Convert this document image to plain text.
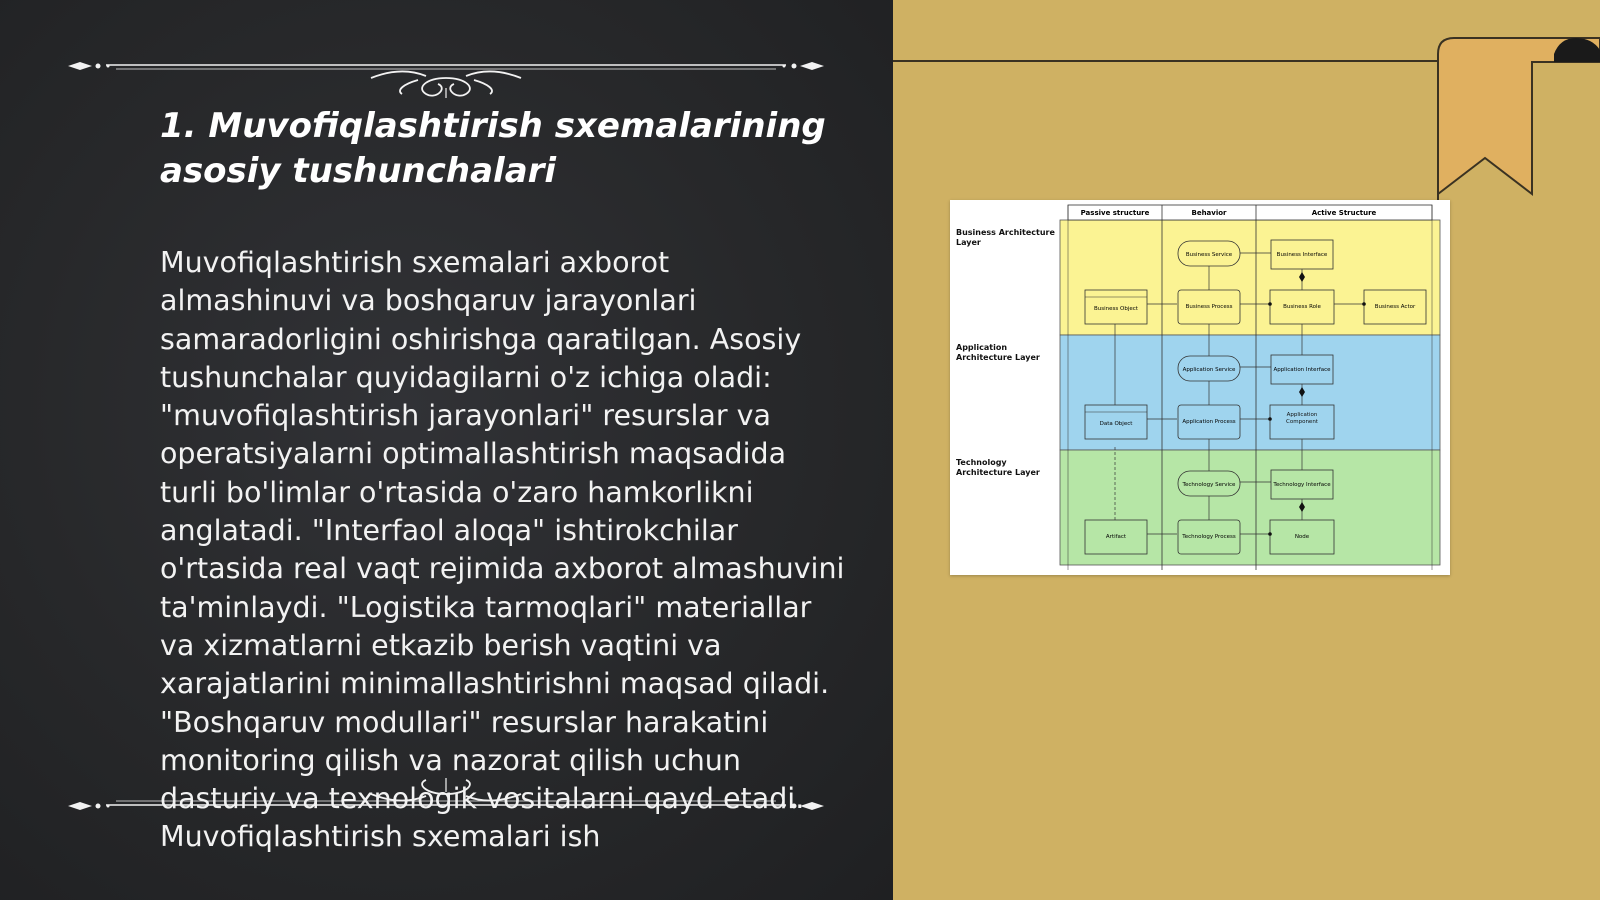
1. Muvofiqlashtirish sxemalarining asosiy tushunchalari

Muvofiqlashtirish sxemalari axborot almashinuvi va boshqaruv jarayonlari samaradorligini oshirishga qaratilgan. Asosiy tushunchalar quyidagilarni o'z ichiga oladi: "muvofiqlashtirish jarayonlari" resurslar va operatsiyalarni optimallashtirish maqsadida turli bo'limlar o'rtasida o'zaro hamkorlikni anglatadi. "Interfaol aloqa" ishtirokchilar o'rtasida real vaqt rejimida axborot almashuvini ta'minlaydi. "Logistika tarmoqlari" materiallar va xizmatlarni etkazib berish vaqtini va xarajatlarini minimallashtirishni maqsad qiladi. "Boshqaruv modullari" resurslar harakatini monitoring qilish va nazorat qilish uchun dasturiy va texnologik vositalarni qayd etadi. Muvofiqlashtirish sxemalari ish

Passive structure	Behavior	Active Structure
Business Architecture Layer
Application Architecture Layer
Technology Architecture Layer
Business Service	Business Interface
Business Object	Business Process	Business Role	Business Actor
Application Service	Application Interface
Data Object	Application Process
Application Component
Technology Service	Technology Interface
Artifact	Technology Process	Node
